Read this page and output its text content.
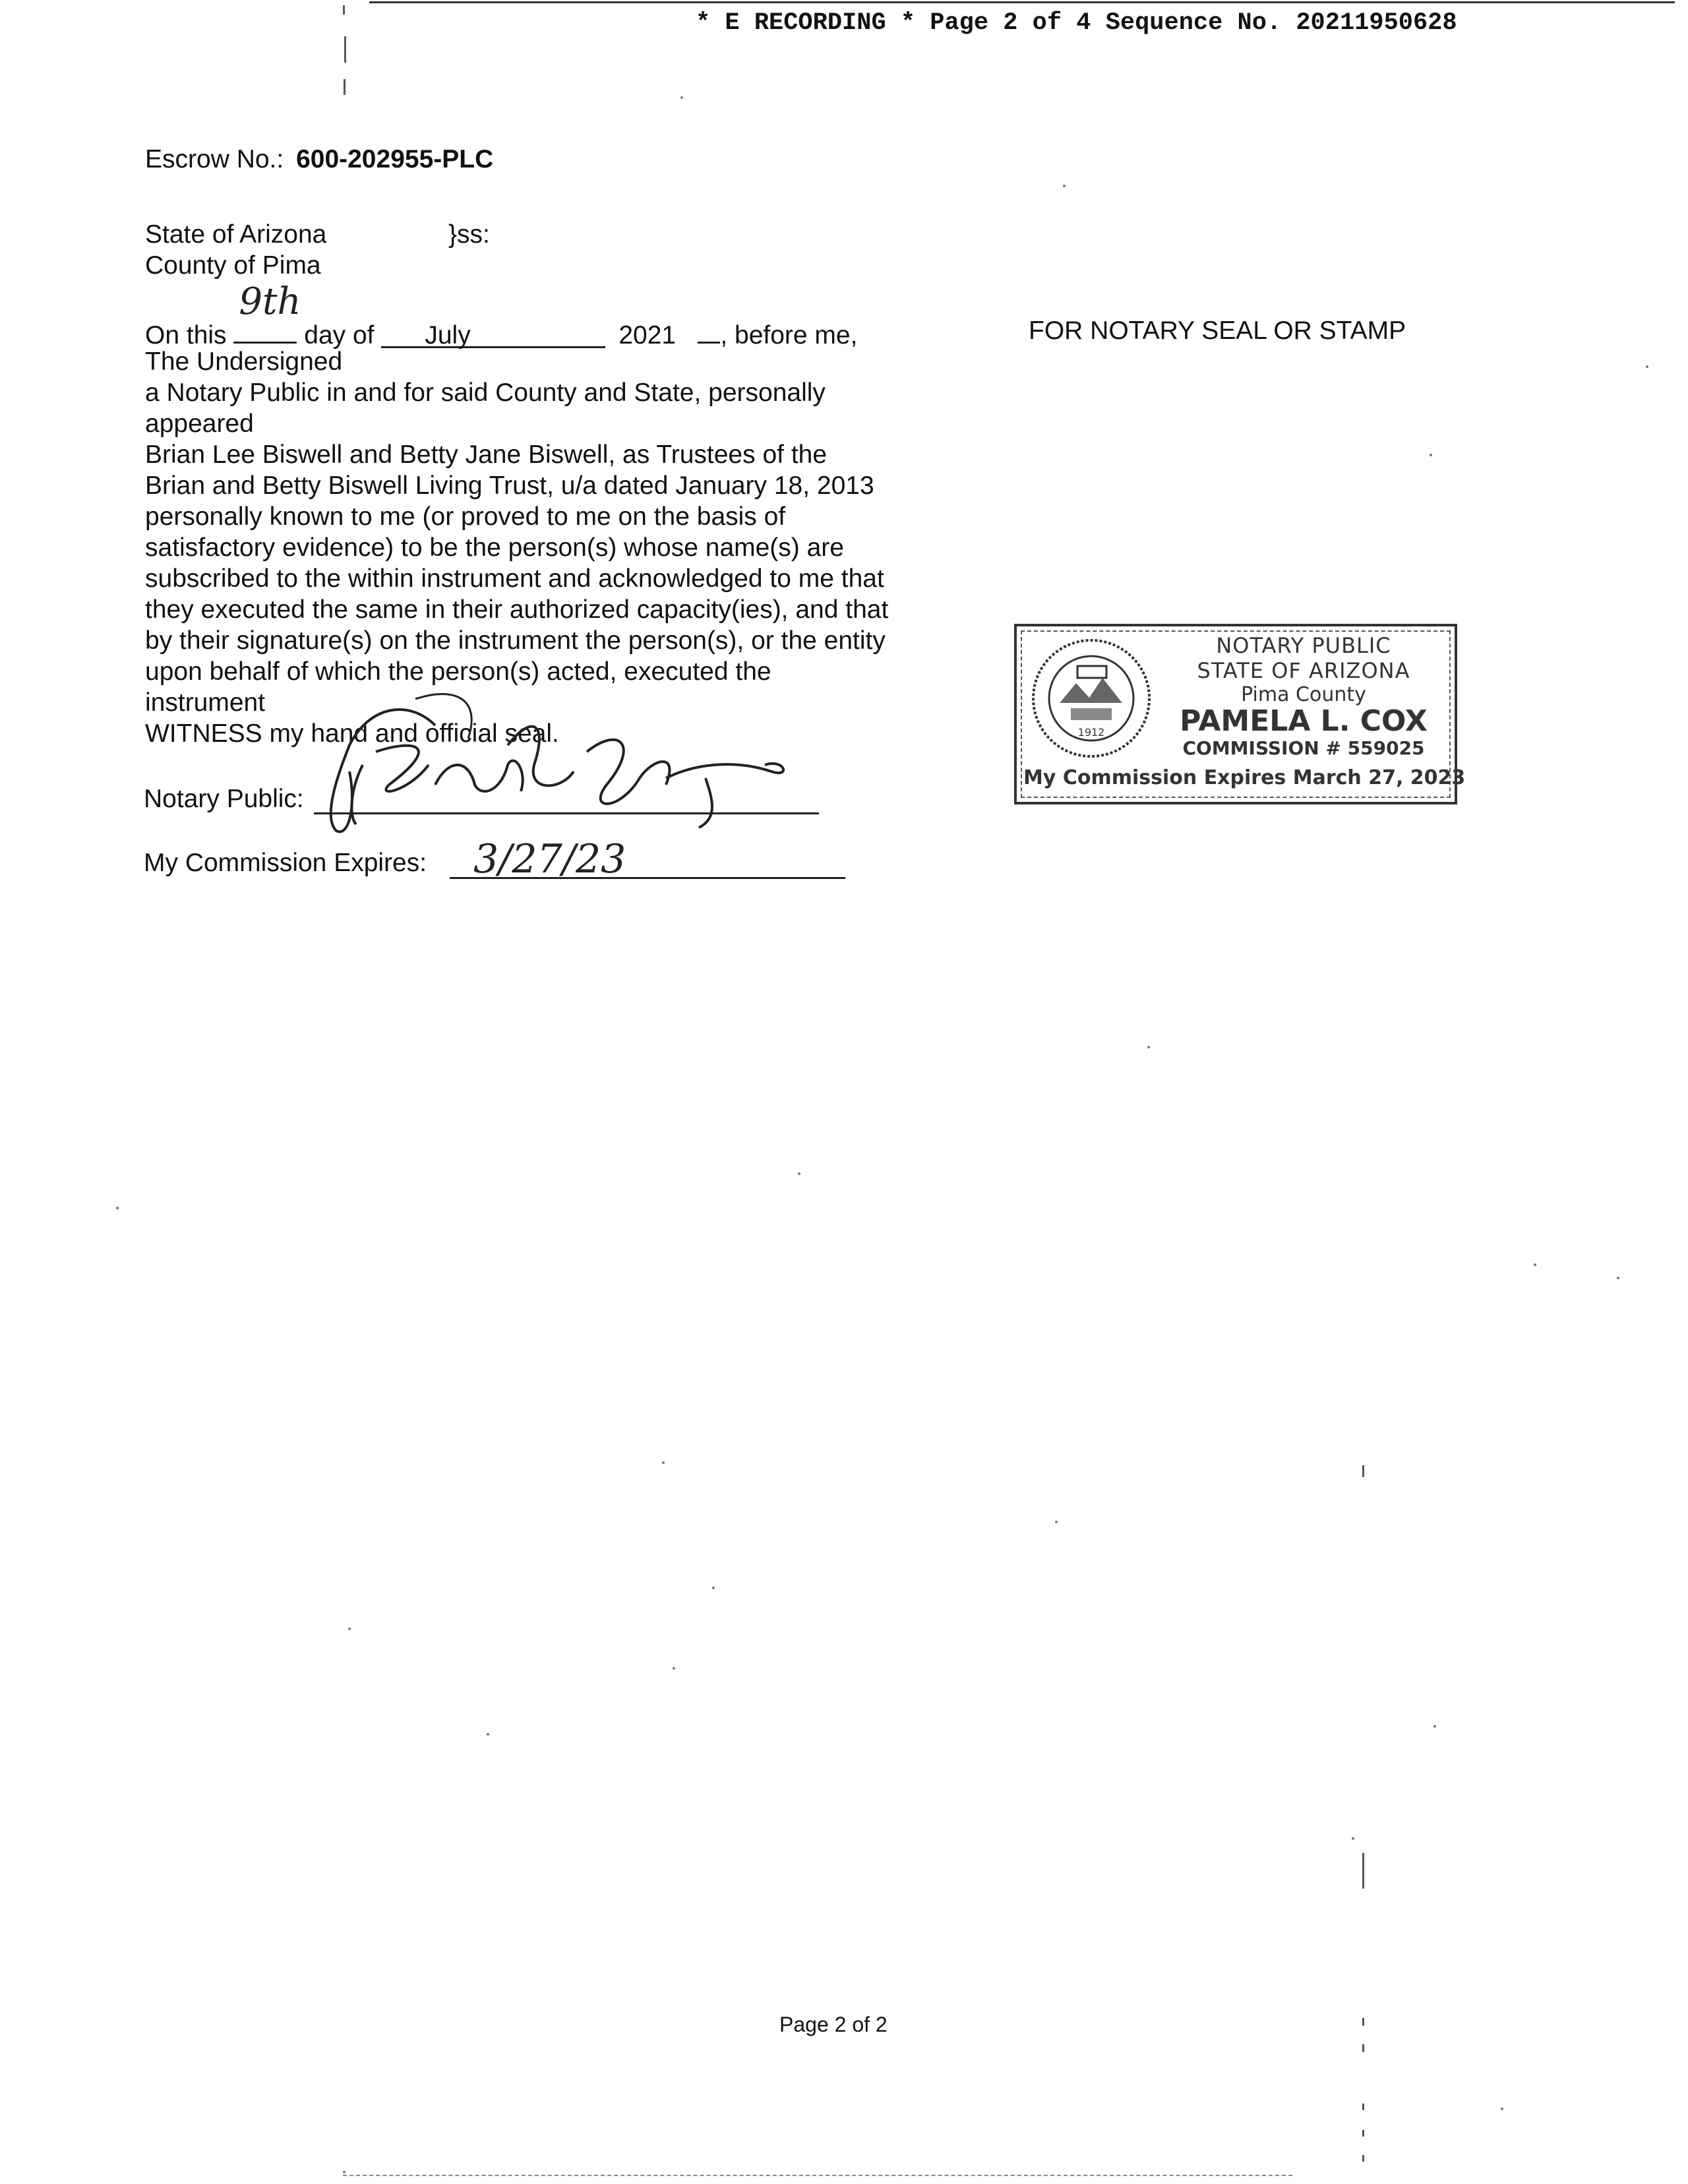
* E RECORDING * Page 2 of 4 Sequence No. 20211950628
Escrow No.: 600-202955-PLC
State of Arizona	}ss:
County of Pima
On this
9th
day of July	2021 , before me,
The Undersigned
a Notary Public in and for said County and State, personally
appeared
Brian Lee Biswell and Betty Jane Biswell, as Trustees of the
Brian and Betty Biswell Living Trust, u/a dated January 18, 2013
personally known to me (or proved to me on the basis of
satisfactory evidence) to be the person(s) whose name(s) are
subscribed to the within instrument and acknowledged to me that
they executed the same in their authorized capacity(ies), and that
by their signature(s) on the instrument the person(s), or the entity
upon behalf of which the person(s) acted, executed the
instrument
WITNESS my hand and official seal.
Notary Public:
My Commission Expires: 3/27/23
FOR NOTARY SEAL OR STAMP
1912
NOTARY PUBLIC
STATE OF ARIZONA
Pima County
PAMELA L. COX
COMMISSION # 559025
My Commission Expires March 27, 2023
Page 2 of 2
